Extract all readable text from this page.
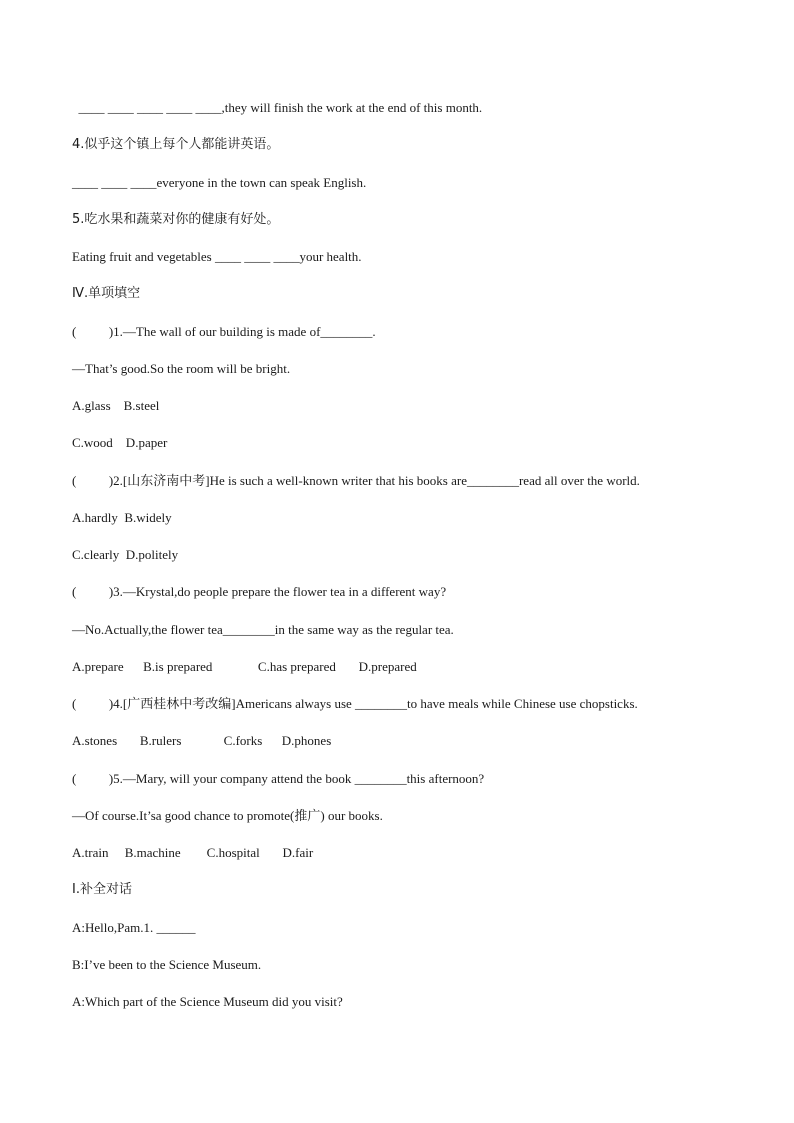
____ ____ ____ ____ ____,they will finish the work at the end of this month.
4.似乎这个镇上每个人都能讲英语。
____ ____ ____everyone in the town can speak English.
5.吃水果和蔬菜对你的健康有好处。
Eating fruit and vegetables ____ ____ ____your health.
Ⅳ.单项填空
(          )1.—The wall of our building is made of________.
—That’s good.So the room will be bright.
A.glass    B.steel
C.wood    D.paper
(          )2.[山东济南中考]He is such a well-known writer that his books are________read all over the world.
A.hardly  B.widely
C.clearly  D.politely
(          )3.—Krystal,do people prepare the flower tea in a different way?
—No.Actually,the flower tea________in the same way as the regular tea.
A.prepare      B.is prepared              C.has prepared       D.prepared
(          )4.[广西桂林中考改编]Americans always use ________to have meals while Chinese use chopsticks.
A.stones       B.rulers             C.forks      D.phones
(          )5.—Mary, will your company attend the book ________this afternoon?
—Of course.It’sa good chance to promote(推广) our books.
A.train     B.machine        C.hospital       D.fair
Ⅰ.补全对话
A:Hello,Pam.1. ______
B:I’ve been to the Science Museum.
A:Which part of the Science Museum did you visit?
